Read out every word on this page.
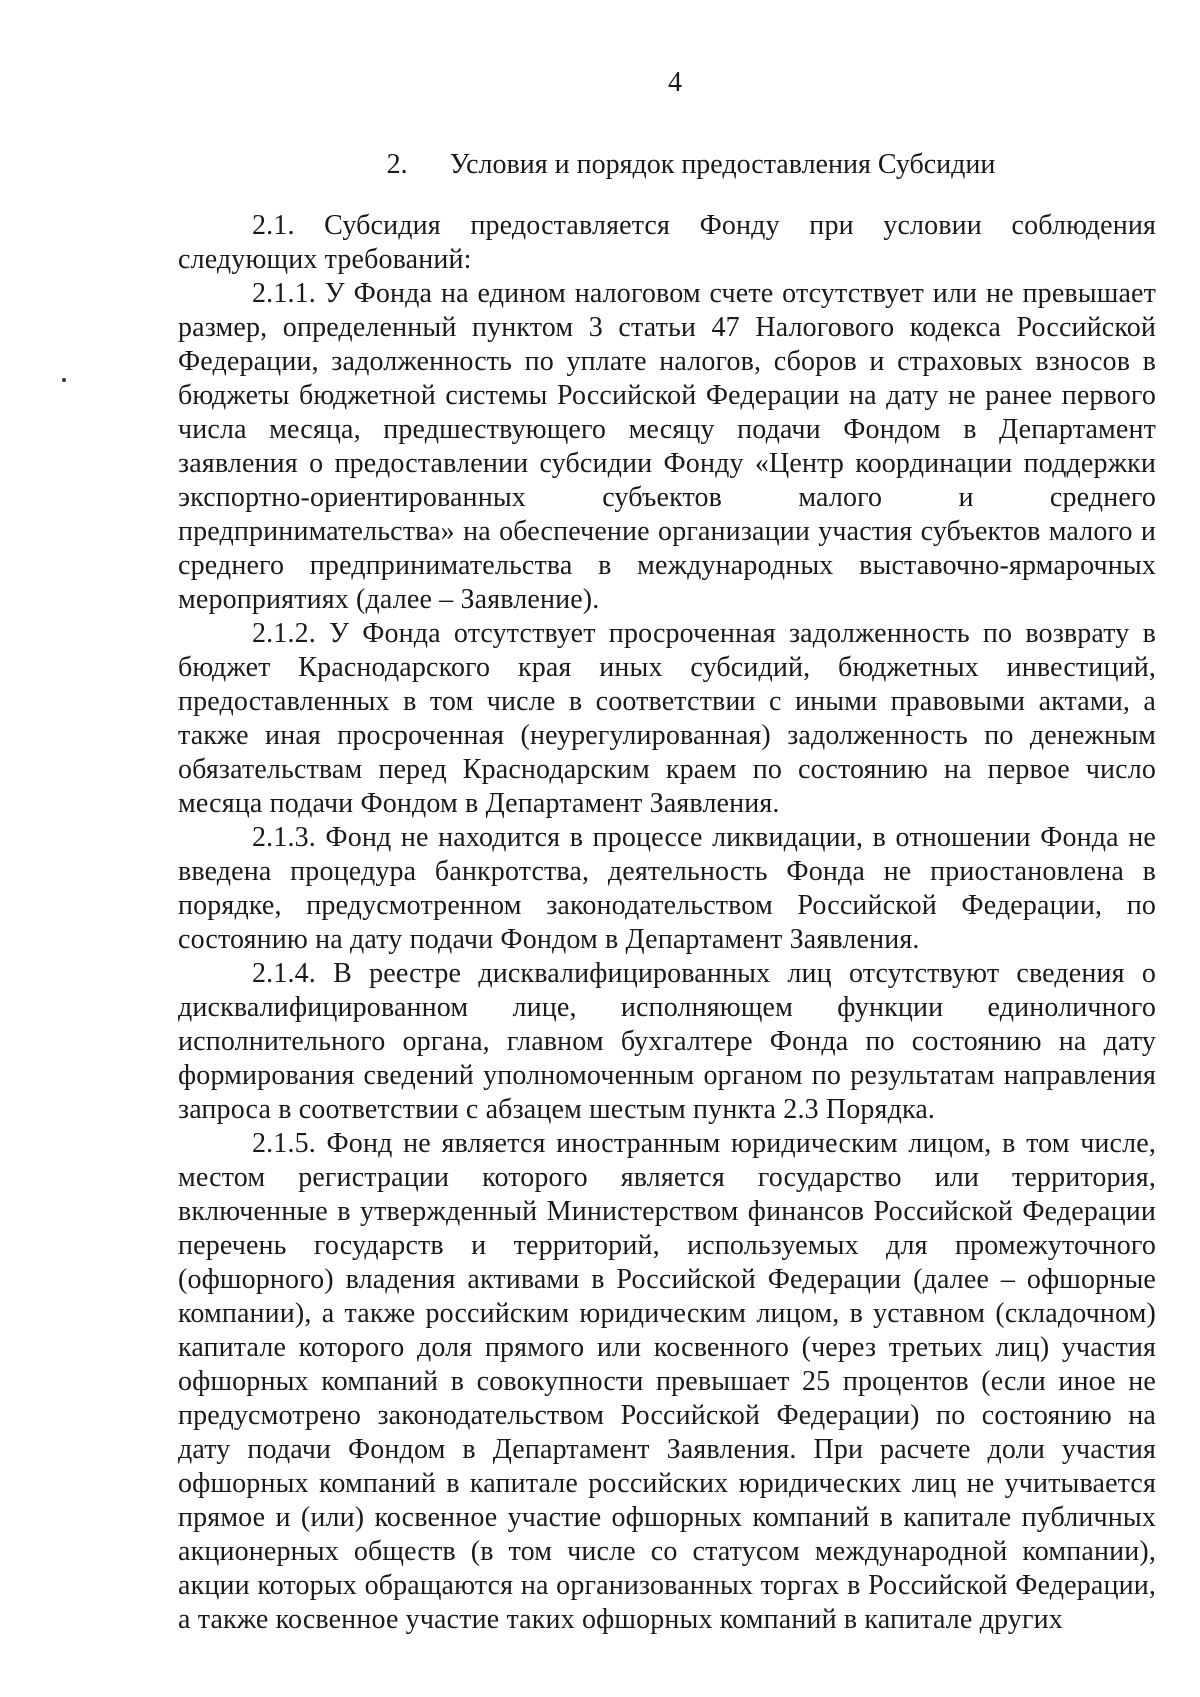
4
2. Условия и порядок предоставления Субсидии

2.1. Субсидия предоставляется Фонду при условии соблюдения следующих требований:

2.1.1. У Фонда на едином налоговом счете отсутствует или не превышает размер, определенный пунктом 3 статьи 47 Налогового кодекса Российской Федерации, задолженность по уплате налогов, сборов и страховых взносов в бюджеты бюджетной системы Российской Федерации на дату не ранее первого числа месяца, предшествующего месяцу подачи Фондом в Департамент заявления о предоставлении субсидии Фонду «Центр координации поддержки экспортно-ориентированных субъектов малого и среднего предпринимательства» на обеспечение организации участия субъектов малого и среднего предпринимательства в международных выставочно-ярмарочных мероприятиях (далее – Заявление).

2.1.2. У Фонда отсутствует просроченная задолженность по возврату в бюджет Краснодарского края иных субсидий, бюджетных инвестиций, предоставленных в том числе в соответствии с иными правовыми актами, а также иная просроченная (неурегулированная) задолженность по денежным обязательствам перед Краснодарским краем по состоянию на первое число месяца подачи Фондом в Департамент Заявления.

2.1.3. Фонд не находится в процессе ликвидации, в отношении Фонда не введена процедура банкротства, деятельность Фонда не приостановлена в порядке, предусмотренном законодательством Российской Федерации, по состоянию на дату подачи Фондом в Департамент Заявления.

2.1.4. В реестре дисквалифицированных лиц отсутствуют сведения о дисквалифицированном лице, исполняющем функции единоличного исполнительного органа, главном бухгалтере Фонда по состоянию на дату формирования сведений уполномоченным органом по результатам направления запроса в соответствии с абзацем шестым пункта 2.3 Порядка.

2.1.5. Фонд не является иностранным юридическим лицом, в том числе, местом регистрации которого является государство или территория, включенные в утвержденный Министерством финансов Российской Федерации перечень государств и территорий, используемых для промежуточного (офшорного) владения активами в Российской Федерации (далее – офшорные компании), а также российским юридическим лицом, в уставном (складочном) капитале которого доля прямого или косвенного (через третьих лиц) участия офшорных компаний в совокупности превышает 25 процентов (если иное не предусмотрено законодательством Российской Федерации) по состоянию на дату подачи Фондом в Департамент Заявления. При расчете доли участия офшорных компаний в капитале российских юридических лиц не учитывается прямое и (или) косвенное участие офшорных компаний в капитале публичных акционерных обществ (в том числе со статусом международной компании), акции которых обращаются на организованных торгах в Российской Федерации, а также косвенное участие таких офшорных компаний в капитале других
